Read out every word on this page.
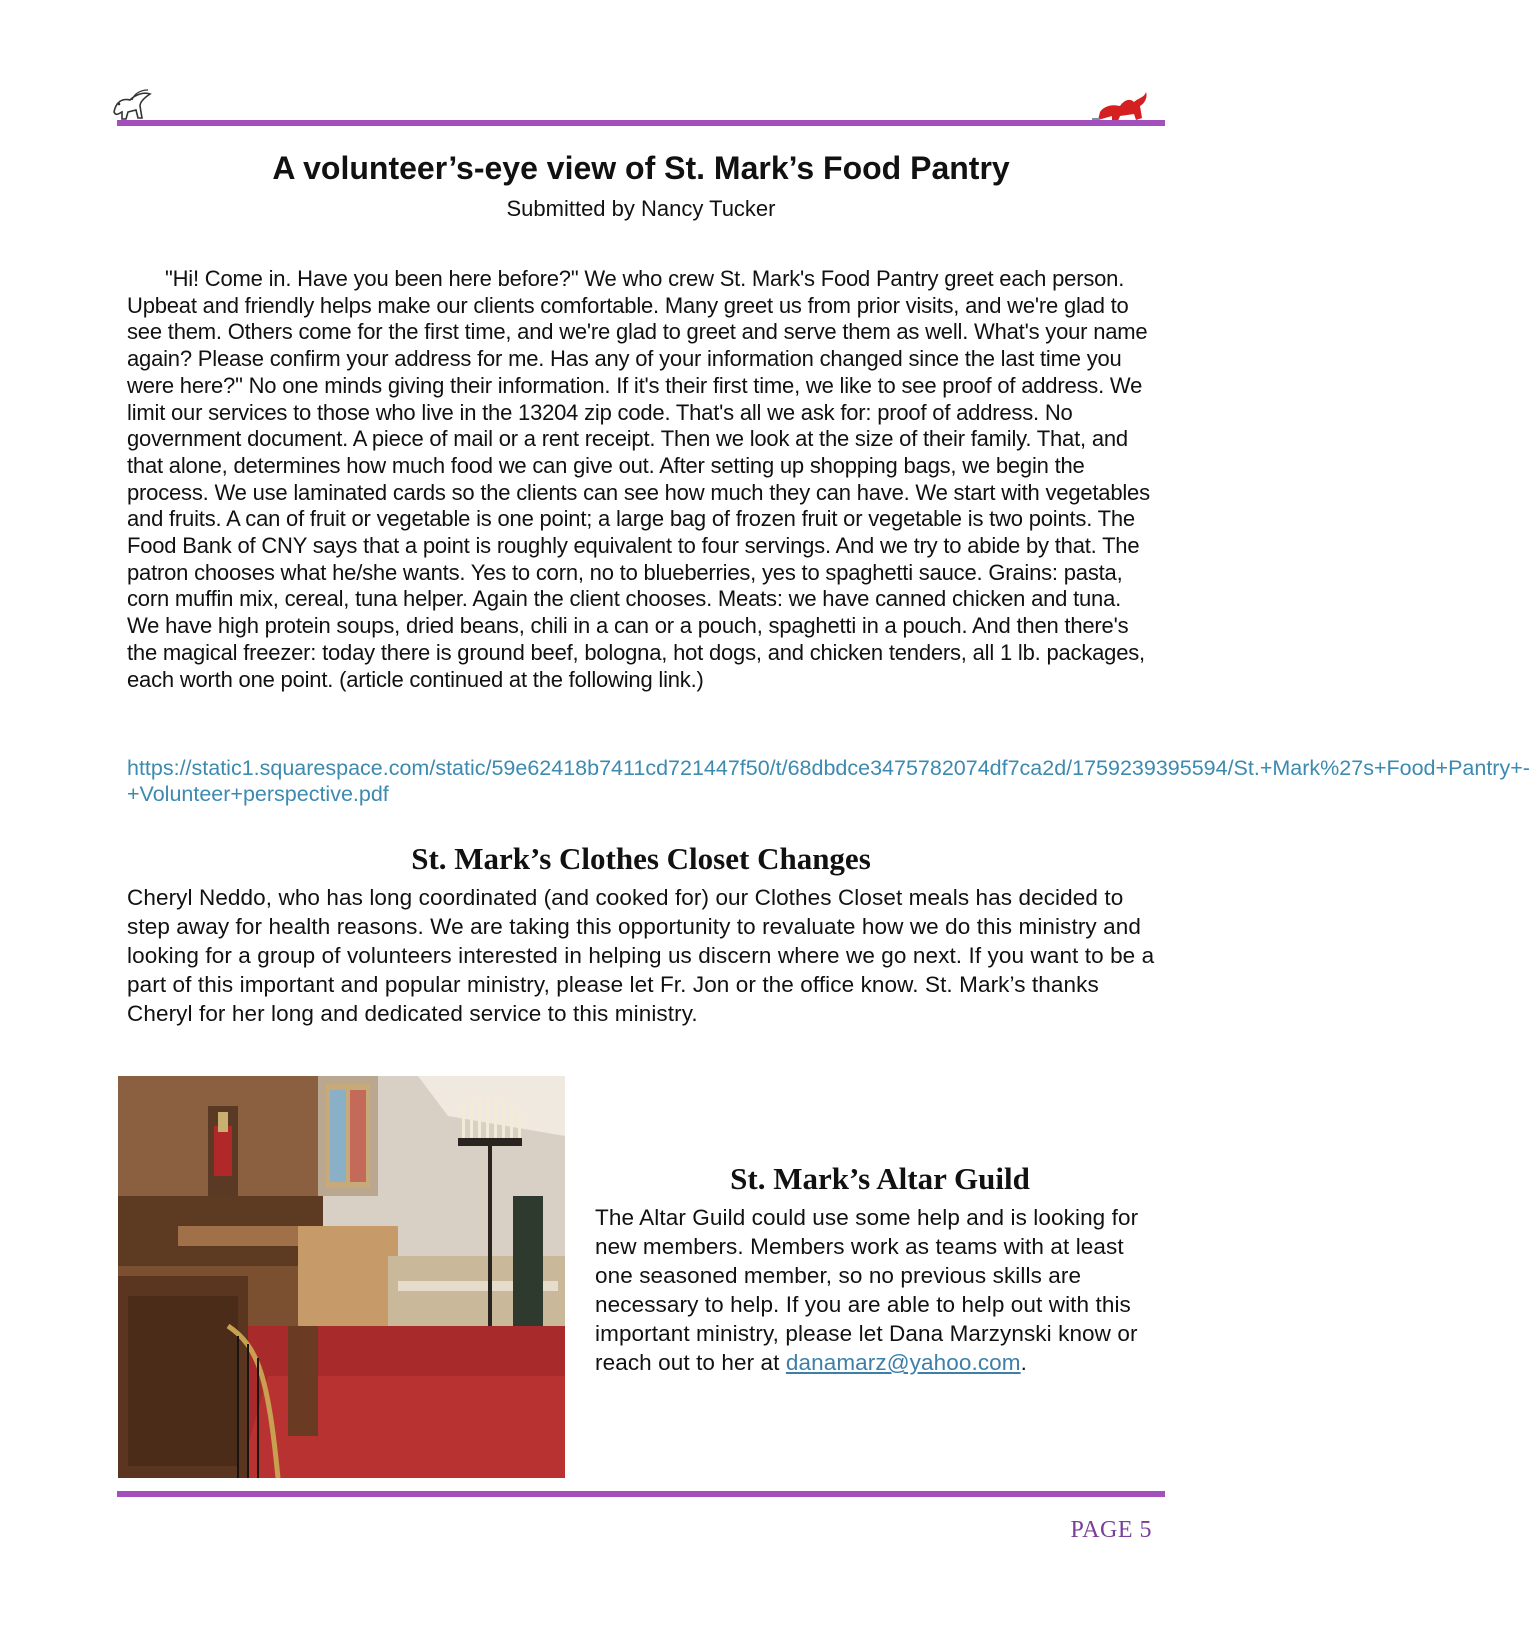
A volunteer’s-eye view of St. Mark’s Food Pantry

Submitted by Nancy Tucker

"Hi! Come in. Have you been here before?" We who crew St. Mark's Food Pantry greet each person. Upbeat and friendly helps make our clients comfortable. Many greet us from prior visits, and we're glad to see them. Others come for the first time, and we're glad to greet and serve them as well. What's your name again? Please confirm your address for me. Has any of your information changed since the last time you were here?" No one minds giving their information. If it's their first time, we like to see proof of address. We limit our services to those who live in the 13204 zip code. That's all we ask for: proof of address. No government document. A piece of mail or a rent receipt. Then we look at the size of their family. That, and that alone, determines how much food we can give out. After setting up shopping bags, we begin the process. We use laminated cards so the clients can see how much they can have. We start with vegetables and fruits. A can of fruit or vegetable is one point; a large bag of frozen fruit or vegetable is two points. The Food Bank of CNY says that a point is roughly equivalent to four servings. And we try to abide by that. The patron chooses what he/she wants. Yes to corn, no to blueberries, yes to spaghetti sauce. Grains: pasta, corn muffin mix, cereal, tuna helper. Again the client chooses. Meats: we have canned chicken and tuna. We have high protein soups, dried beans, chili in a can or a pouch, spaghetti in a pouch. And then there's the magical freezer: today there is ground beef, bologna, hot dogs, and chicken tenders, all 1 lb. packages, each worth one point. (article continued at the following link.)

https://static1.squarespace.com/static/59e62418b7411cd721447f50/t/68dbdce3475782074df7ca2d/1759239395594/St.+Mark%27s+Food+Pantry+-+Volunteer+perspective.pdf

St. Mark’s Clothes Closet Changes

Cheryl Neddo, who has long coordinated (and cooked for) our Clothes Closet meals has decided to step away for health reasons. We are taking this opportunity to revaluate how we do this ministry and looking for a group of volunteers interested in helping us discern where we go next. If you want to be a part of this important and popular ministry, please let Fr. Jon or the office know. St. Mark’s thanks Cheryl for her long and dedicated service to this ministry.

St. Mark’s Altar Guild

The Altar Guild could use some help and is looking for new members. Members work as teams with at least one seasoned member, so no previous skills are necessary to help. If you are able to help out with this important ministry, please let Dana Marzynski know or reach out to her at danamarz@yahoo.com.

PAGE 5
